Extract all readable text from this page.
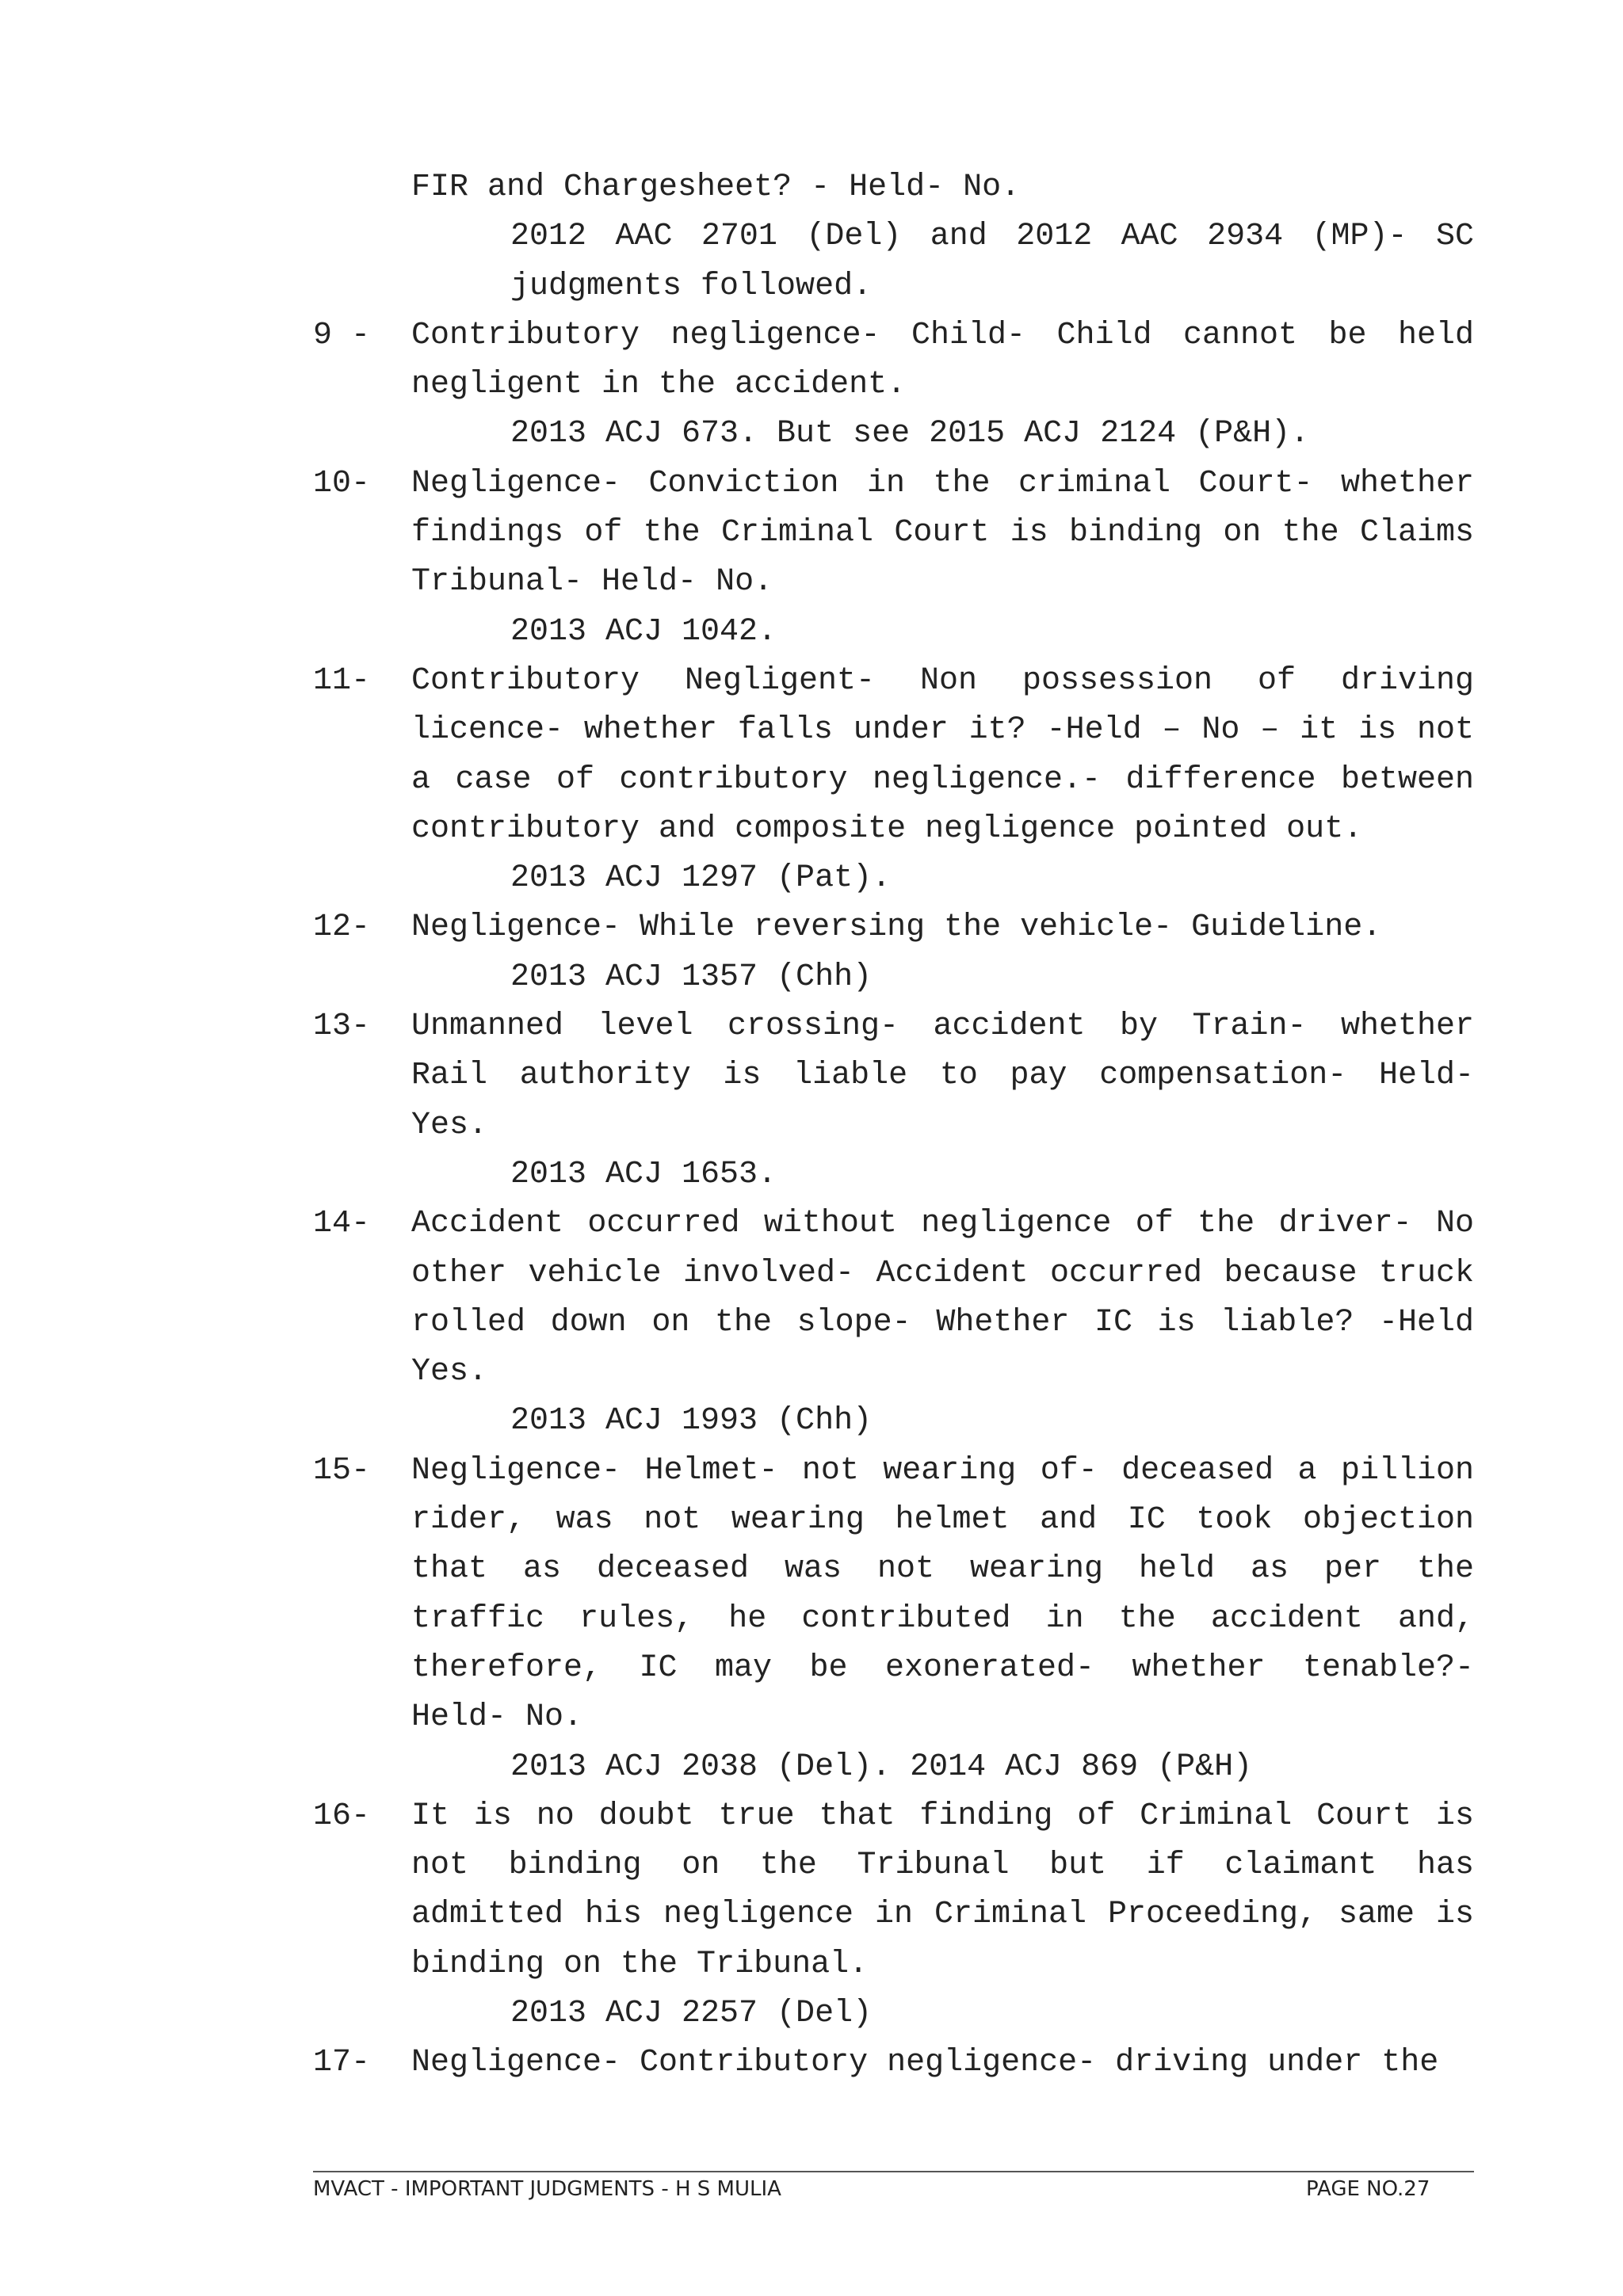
FIR and Chargesheet? - Held- No.
2012 AAC 2701 (Del) and 2012 AAC 2934 (MP)- SC judgments followed.
9 -	Contributory negligence- Child- Child cannot be held negligent in the accident.
2013 ACJ 673. But see 2015 ACJ 2124 (P&H).
10-	Negligence- Conviction in the criminal Court- whether findings of the Criminal Court is binding on the Claims Tribunal- Held- No.
2013 ACJ 1042.
11-	Contributory Negligent- Non possession of driving licence- whether falls under it? -Held – No – it is not a case of contributory negligence.- difference between contributory and composite negligence pointed out.
2013 ACJ 1297 (Pat).
12-	Negligence- While reversing the vehicle- Guideline.
2013 ACJ 1357 (Chh)
13-	Unmanned level crossing- accident by Train- whether Rail authority is liable to pay compensation- Held- Yes.
2013 ACJ 1653.
14-	Accident occurred without negligence of the driver- No other vehicle involved- Accident occurred because truck rolled down on the slope- Whether IC is liable? -Held Yes.
2013 ACJ 1993 (Chh)
15-	Negligence- Helmet- not wearing of- deceased a pillion rider, was not wearing helmet and IC took objection that as deceased was not wearing held as per the traffic rules, he contributed in the accident and, therefore, IC may be exonerated- whether tenable?- Held- No.
2013 ACJ 2038 (Del). 2014 ACJ 869 (P&H)
16-	It is no doubt true that finding of Criminal Court is not binding on the Tribunal but if claimant has admitted his negligence in Criminal Proceeding, same is binding on the Tribunal.
2013 ACJ 2257 (Del)
17-	Negligence- Contributory negligence- driving under the
MVACT - IMPORTANT JUDGMENTS - H S MULIA	PAGE NO.27
